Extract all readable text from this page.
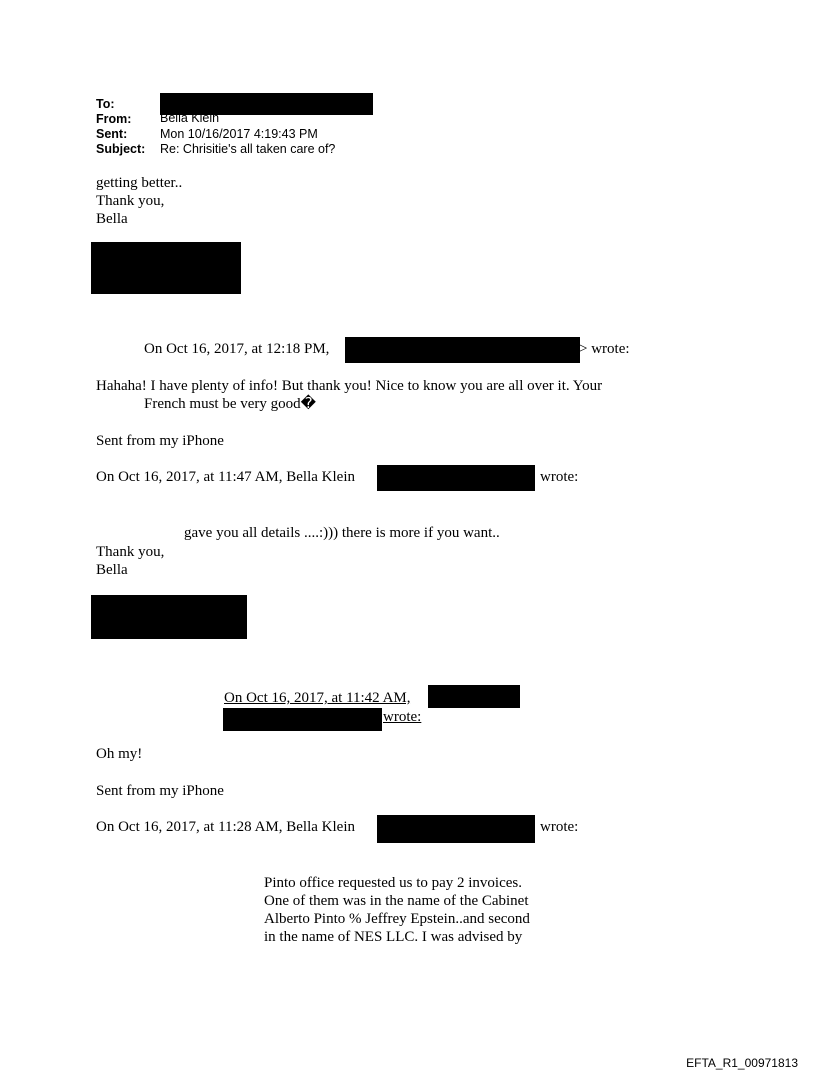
To:
From: Bella Klein
Sent:	Mon 10/16/2017 4:19:43 PM
Subject: Re: Chrisitie's all taken care of?
getting better..
Thank you,
Bella
On Oct 16, 2017, at 12:18 PM,	> wrote:
Hahaha! I have plenty of info! But thank you! Nice to know you are all over it. Your
French must be very good�
Sent from my iPhone
On Oct 16, 2017, at 11:47 AM, Bella Klein	wrote:
gave you all details ....:))) there is more if you want..
Thank you,
Bella
On Oct 16, 2017, at 11:42 AM,
wrote:
Oh my!
Sent from my iPhone
On Oct 16, 2017, at 11:28 AM, Bella Klein	wrote:
Pinto office requested us to pay 2 invoices.
One of them was in the name of the Cabinet
Alberto Pinto % Jeffrey Epstein..and second
in the name of NES LLC. I was advised by
EFTA_R1_00971813
